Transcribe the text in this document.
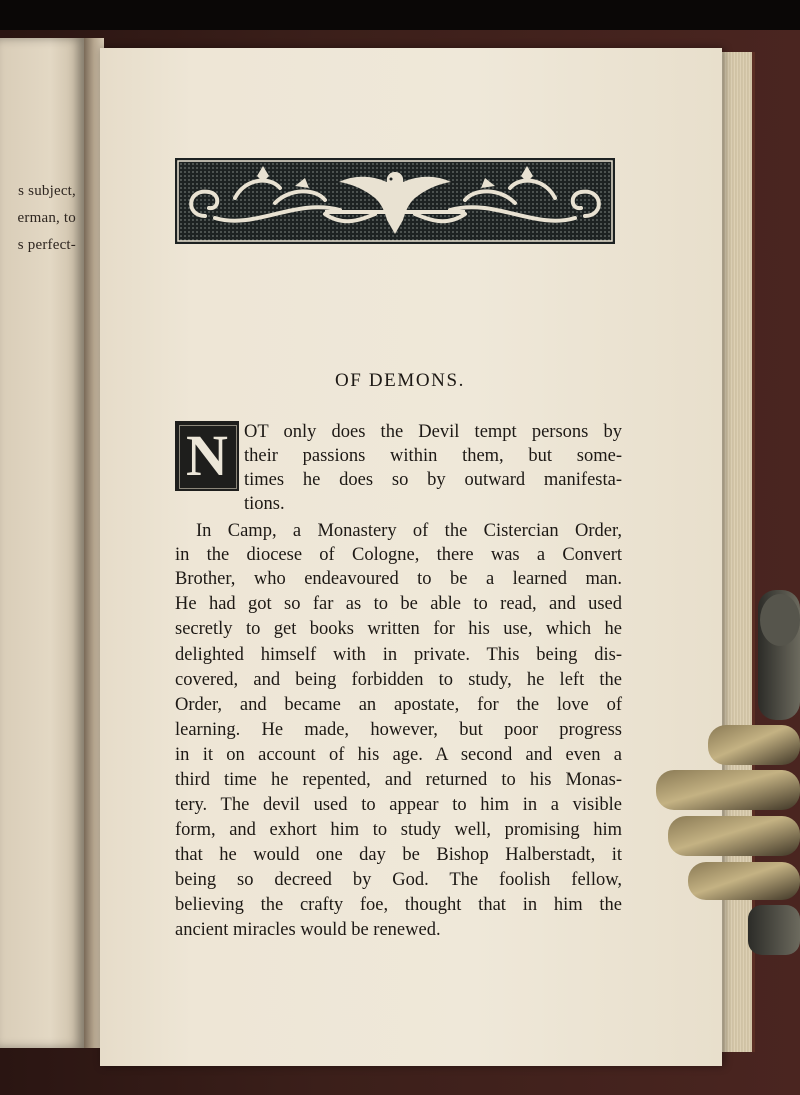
s subject,
erman, to
s perfect-
OF DEMONS.
N OT only does the Devil tempt persons by
their passions within them, but some-
times he does so by outward manifesta-
tions.
In Camp, a Monastery of the Cistercian Order,
in the diocese of Cologne, there was a Convert
Brother, who endeavoured to be a learned man.
He had got so far as to be able to read, and used
secretly to get books written for his use, which he
delighted himself with in private. This being dis-
covered, and being forbidden to study, he left the
Order, and became an apostate, for the love of
learning. He made, however, but poor progress
in it on account of his age. A second and even a
third time he repented, and returned to his Monas-
tery. The devil used to appear to him in a visible
form, and exhort him to study well, promising him
that he would one day be Bishop Halberstadt, it
being so decreed by God. The foolish fellow,
believing the crafty foe, thought that in him the
ancient miracles would be renewed.
